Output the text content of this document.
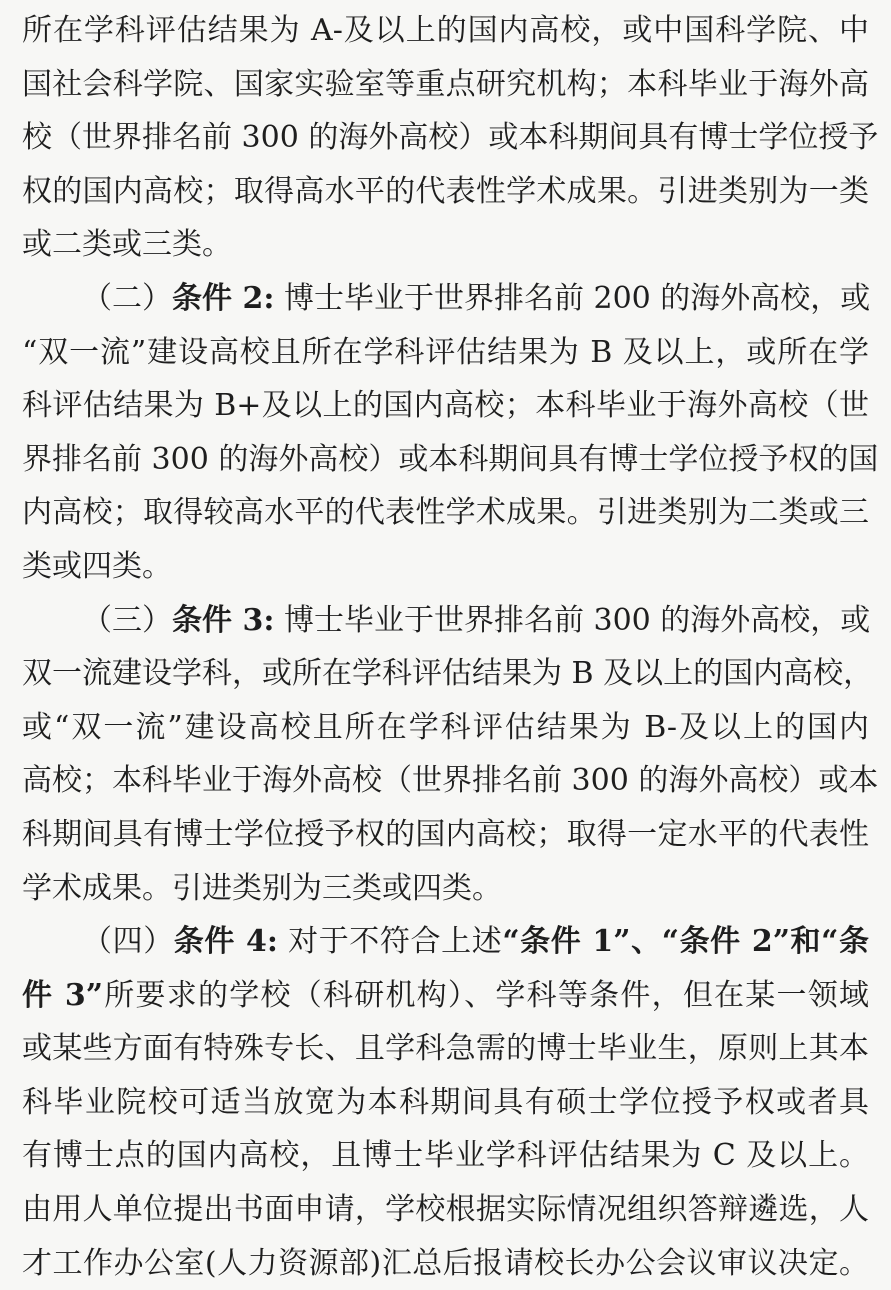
所在学科评估结果为 A-及以上的国内高校，或中国科学院、中
国社会科学院、国家实验室等重点研究机构；本科毕业于海外高
校（世界排名前 300 的海外高校）或本科期间具有博士学位授予
权的国内高校；取得高水平的代表性学术成果。引进类别为一类
或二类或三类。
（二）条件 2: 博士毕业于世界排名前 200 的海外高校，或
“双一流”建设高校且所在学科评估结果为 B 及以上，或所在学
科评估结果为 B+及以上的国内高校；本科毕业于海外高校（世
界排名前 300 的海外高校）或本科期间具有博士学位授予权的国
内高校；取得较高水平的代表性学术成果。引进类别为二类或三
类或四类。
（三）条件 3: 博士毕业于世界排名前 300 的海外高校，或
双一流建设学科，或所在学科评估结果为 B 及以上的国内高校，
或“双一流”建设高校且所在学科评估结果为 B-及以上的国内
高校；本科毕业于海外高校（世界排名前 300 的海外高校）或本
科期间具有博士学位授予权的国内高校；取得一定水平的代表性
学术成果。引进类别为三类或四类。
（四）条件 4: 对于不符合上述“条件 1”、“条件 2”和“条
件 3”所要求的学校（科研机构）、学科等条件，但在某一领域
或某些方面有特殊专长、且学科急需的博士毕业生，原则上其本
科毕业院校可适当放宽为本科期间具有硕士学位授予权或者具
有博士点的国内高校，且博士毕业学科评估结果为 C 及以上。
由用人单位提出书面申请，学校根据实际情况组织答辩遴选，人
才工作办公室(人力资源部)汇总后报请校长办公会议审议决定。
